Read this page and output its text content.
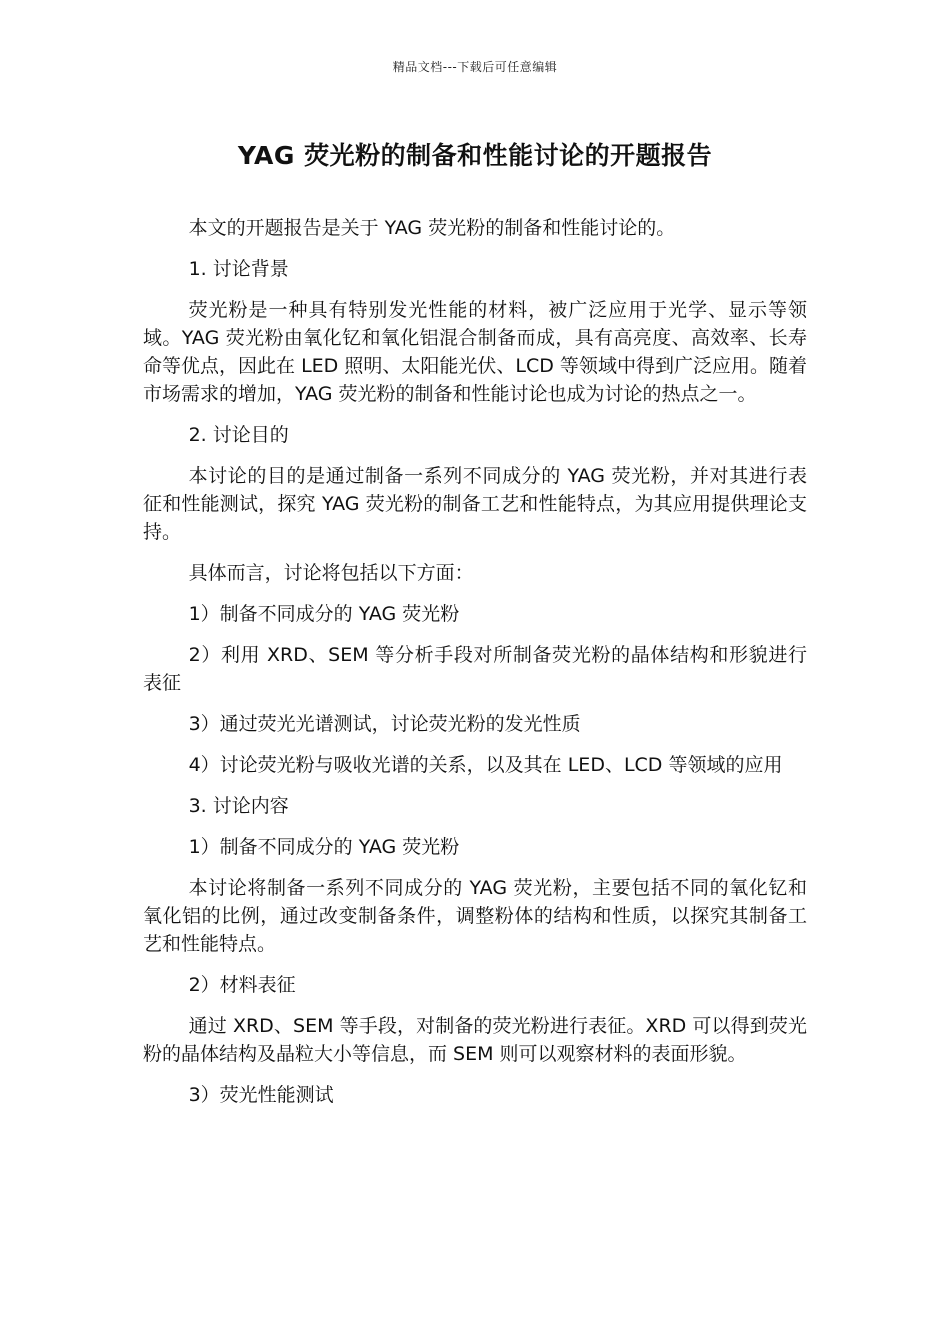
精品文档---下载后可任意编辑
YAG 荧光粉的制备和性能讨论的开题报告

本文的开题报告是关于 YAG 荧光粉的制备和性能讨论的。

1. 讨论背景

荧光粉是一种具有特别发光性能的材料，被广泛应用于光学、显示等领域。YAG 荧光粉由氧化钇和氧化铝混合制备而成，具有高亮度、高效率、长寿命等优点，因此在 LED 照明、太阳能光伏、LCD 等领域中得到广泛应用。随着市场需求的增加，YAG 荧光粉的制备和性能讨论也成为讨论的热点之一。

2. 讨论目的

本讨论的目的是通过制备一系列不同成分的 YAG 荧光粉，并对其进行表征和性能测试，探究 YAG 荧光粉的制备工艺和性能特点，为其应用提供理论支持。

具体而言，讨论将包括以下方面：

1）制备不同成分的 YAG 荧光粉

2）利用 XRD、SEM 等分析手段对所制备荧光粉的晶体结构和形貌进行表征

3）通过荧光光谱测试，讨论荧光粉的发光性质

4）讨论荧光粉与吸收光谱的关系，以及其在 LED、LCD 等领域的应用

3. 讨论内容

1）制备不同成分的 YAG 荧光粉

本讨论将制备一系列不同成分的 YAG 荧光粉，主要包括不同的氧化钇和氧化铝的比例，通过改变制备条件，调整粉体的结构和性质，以探究其制备工艺和性能特点。

2）材料表征

通过 XRD、SEM 等手段，对制备的荧光粉进行表征。XRD 可以得到荧光粉的晶体结构及晶粒大小等信息，而 SEM 则可以观察材料的表面形貌。

3）荧光性能测试
